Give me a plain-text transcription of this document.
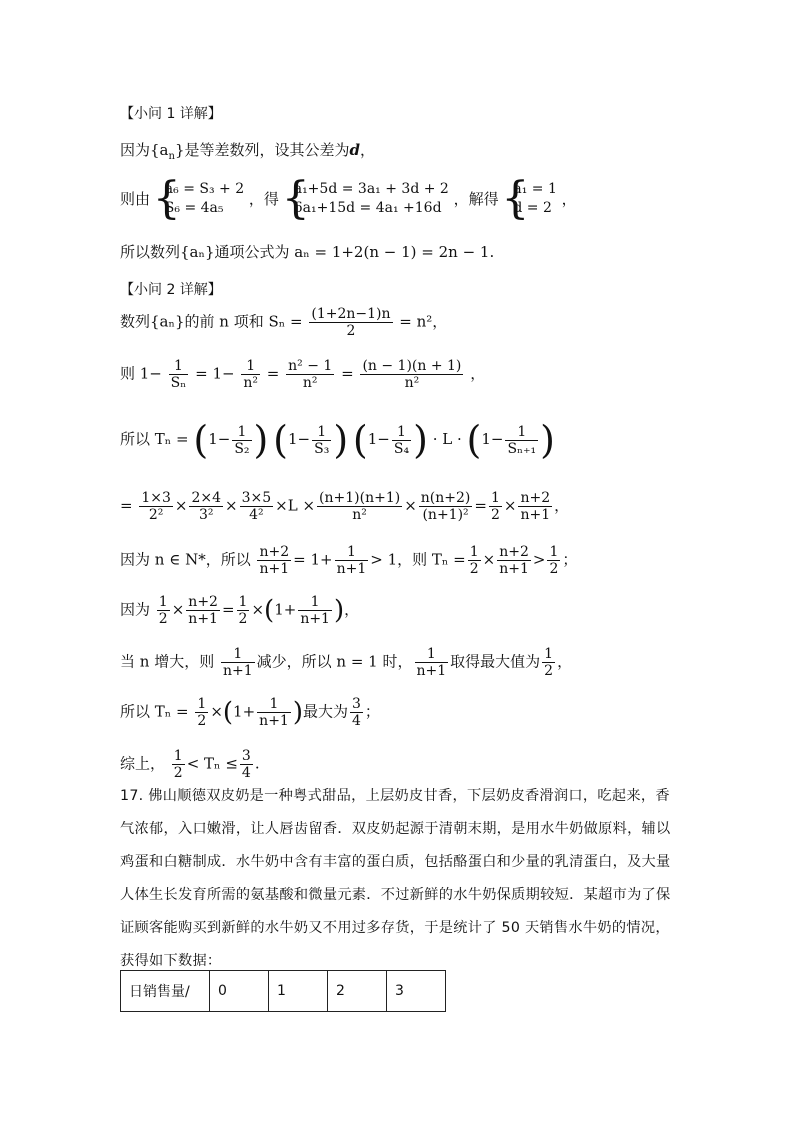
【小问 1 详解】
因为$\{a_n\}$是等差数列，设其公差为d，
则由
{ a₆ = S₃ + 2
S₆ = 4a₅	，得
{ a₁+5d = 3a₁ + 3d + 2
6a₁+15d = 4a₁ +16d ，解得
{ a₁ = 1
d = 2 ，
所以数列{aₙ}通项公式为 aₙ = 1+2(n − 1) = 2n − 1.
【小问 2 详解】
数列{aₙ}的前 n 项和 $S_n = \frac{(1+2n-1)n}{2} = n^2$，
则 $1- \frac{1}{\text{Sₙ}} = 1- \frac{1}{\text{n²}} = \frac{\text{n² − 1}}{\text{n²}} = \frac{(n - 1)(n + 1)}{\text{n²}}$ ，
所以 $T_n = (1- \frac{1}{\text{S₂}}$ ) ($1- \frac{1}{\text{S₃}}$ ) ($1- \frac{1}{\text{S₄}}$ ) · $L \cdot (1- \frac{1}{\text{Sₙ₊₁}}$ )
= $\frac{1\times 3}{\text{2²}} \times \frac{2\times 4}{\text{3²}} \times \frac{3\times 5}{\text{4²}} \times L \times \frac{(n+1)(n+1)}{\text{n²}} \times \frac{n(n+2)}{\text{(n+1)²}} = \frac{1}{2} \times \frac{n+2}{n+1}$ ，
因为 n ∈ N*，所以 $\frac{n+2}{n+1} = 1+ \frac{1}{n+1} > 1$，则 $T_n = \frac{1}{2} \times \frac{n+2}{n+1} > \frac{1}{2}$ ；
因为 $\frac{1}{2} \times \frac{n+2}{n+1} = \frac{1}{2} \times(1+ \frac{1}{n+1}$ )，
当 n 增大，则 $\frac{1}{n+1}$ 减少，所以 n = 1 时， $\frac{1}{n+1}$ 取得最大值为 $\frac{1}{2}$ ，
所以 $T_n = \frac{1}{2} \times(1+ \frac{1}{n+1}$ )最大为 $\frac{3}{4}$ ；
综上， $\frac{1}{2} < T_n \le \frac{3}{4}$ .
17. 佛山顺德双皮奶是一种粤式甜品，上层奶皮甘香，下层奶皮香滑润口，吃起来，香气浓郁，入口嫩滑，让人唇齿留香．双皮奶起源于清朝末期，是用水牛奶做原料，辅以鸡蛋和白糖制成．水牛奶中含有丰富的蛋白质，包括酪蛋白和少量的乳清蛋白，及大量人体生长发育所需的氨基酸和微量元素．不过新鲜的水牛奶保质期较短．某超市为了保证顾客能购买到新鲜的水牛奶又不用过多存货，于是统计了 50 天销售水牛奶的情况，获得如下数据：
日销售量/	0	1	2	3
